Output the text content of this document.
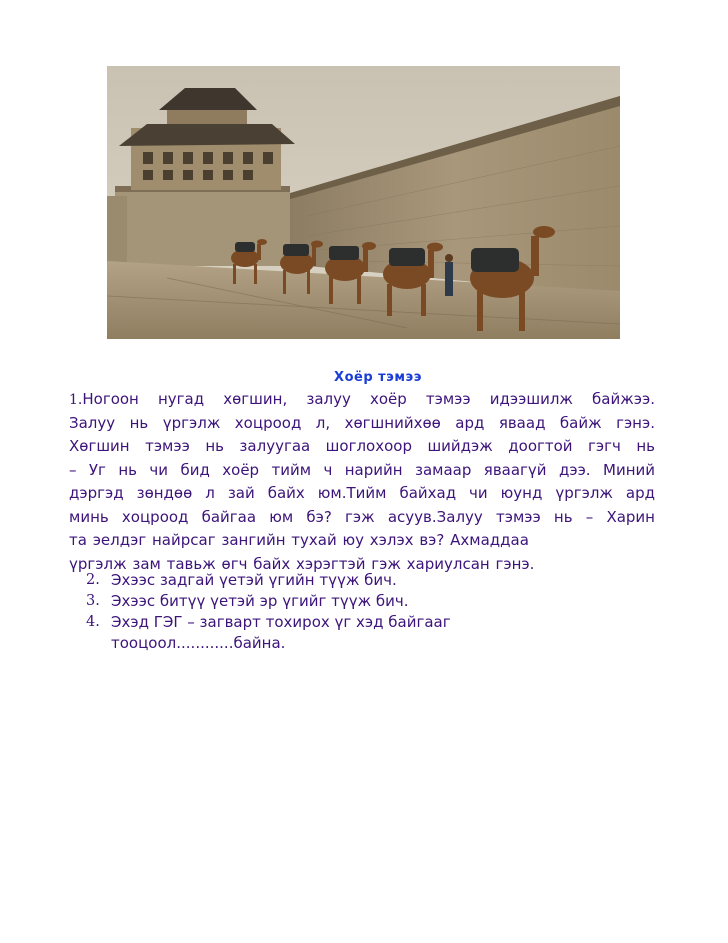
Хоёр тэмээ
1.Ногоон нугад хөгшин, залуу хоёр тэмээ идээшилж байжээ.
Залуу нь үргэлж хоцроод л, хөгшнийхөө ард яваад байж гэнэ.
Хөгшин тэмээ нь залуугаа шоглохоор шийдэж доогтой гэгч нь
– Уг нь чи бид хоёр тийм ч нарийн замаар яваагүй дээ. Миний
дэргэд зөндөө л зай байх юм.Тийм байхад чи юунд үргэлж ард
минь хоцроод байгаа юм бэ? гэж асуув.Залуу тэмээ нь – Харин
та эелдэг найрсаг зангийн тухай юу хэлэх вэ? Ахмаддаа
үргэлж зам тавьж өгч байх хэрэгтэй гэж хариулсан гэнэ.
2. Эхээс задгай үетэй үгийн түүж бич.
3. Эхээс битүү үетэй эр үгийг түүж бич.
4. Эхэд ГЭГ – загварт тохирох үг хэд байгааг тооцоол............байна.
